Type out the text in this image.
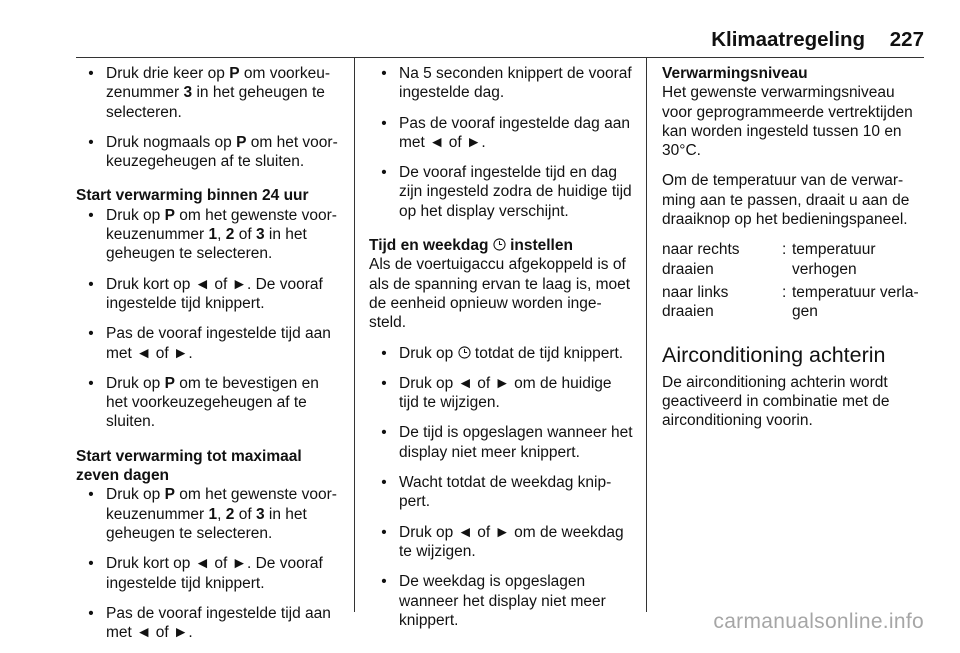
Klimaatregeling 227
• Druk drie keer op P om voorkeu-zenummer 3 in het geheugen te selecteren.
• Druk nogmaals op P om het voor-keuzegeheugen af te sluiten.
Start verwarming binnen 24 uur
• Druk op P om het gewenste voor-keuzenummer 1, 2 of 3 in het geheugen te selecteren.
• Druk kort op ◄ of ►. De vooraf ingestelde tijd knippert.
• Pas de vooraf ingestelde tijd aan met ◄ of ►.
• Druk op P om te bevestigen en het voorkeuzegeheugen af te sluiten.
Start verwarming tot maximaal zeven dagen
• Druk op P om het gewenste voor-keuzenummer 1, 2 of 3 in het geheugen te selecteren.
• Druk kort op ◄ of ►. De vooraf ingestelde tijd knippert.
• Pas de vooraf ingestelde tijd aan met ◄ of ►.
• Na 5 seconden knippert de vooraf ingestelde dag.
• Pas de vooraf ingestelde dag aan met ◄ of ►.
• De vooraf ingestelde tijd en dag zijn ingesteld zodra de huidige tijd op het display verschijnt.
Tijd en weekdag instellen
Als de voertuigaccu afgekoppeld is of als de spanning ervan te laag is, moet de eenheid opnieuw worden inge-steld.
• Druk op  totdat de tijd knippert.
• Druk op ◄ of ► om de huidige tijd te wijzigen.
• De tijd is opgeslagen wanneer het display niet meer knippert.
• Wacht totdat de weekdag knip-pert.
• Druk op ◄ of ► om de weekdag te wijzigen.
• De weekdag is opgeslagen wanneer het display niet meer knippert.
Verwarmingsniveau
Het gewenste verwarmingsniveau voor geprogrammeerde vertrektijden kan worden ingesteld tussen 10 en 30°C.
Om de temperatuur van de verwar-ming aan te passen, draait u aan de draaiknop op het bedieningspaneel.
naar rechts draaien
: temperatuur verhogen
naar links draaien
: temperatuur verla-gen
Airconditioning achterin
De airconditioning achterin wordt geactiveerd in combinatie met de airconditioning voorin.
carmanualsonline.info
